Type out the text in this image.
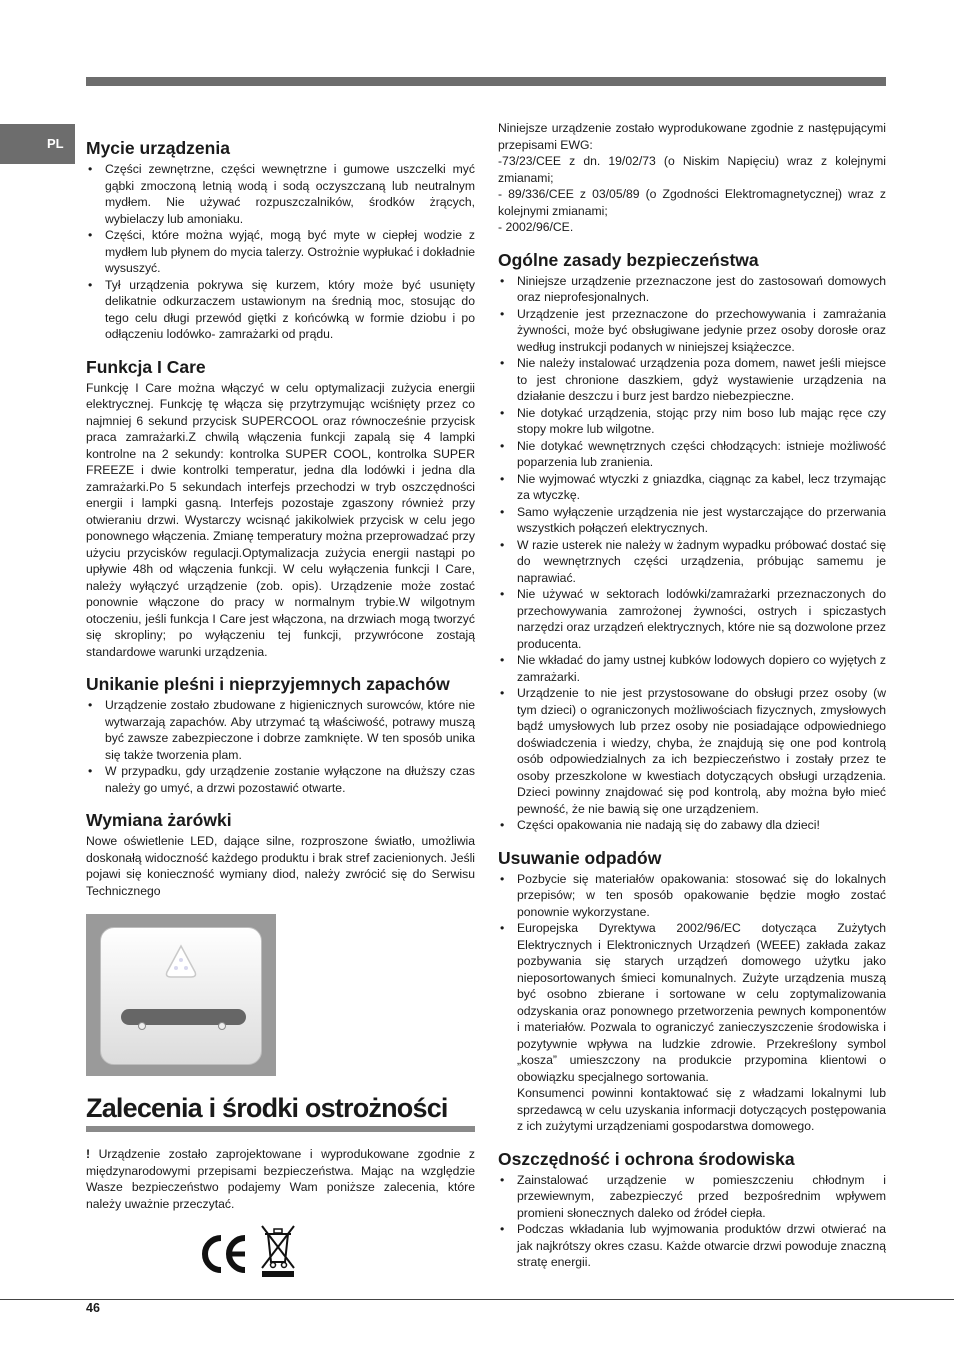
PL	Mycie urządzenia
• Części zewnętrzne, części wewnętrzne i gumowe uszczelki myć gąbki zmoczoną letnią wodą i sodą oczyszczaną lub neutralnym mydłem. Nie używać rozpuszczalników, środków żrących, wybielaczy lub amoniaku.
• Części, które można wyjąć, mogą być myte w ciepłej wodzie z mydłem lub płynem do mycia talerzy. Ostrożnie wypłukać i dokładnie wysuszyć.
• Tył urządzenia pokrywa się kurzem, który może być usunięty delikatnie odkurzaczem ustawionym na średnią moc, stosując do tego celu długi przewód giętki z końcówką w formie dziobu i po odłączeniu lodówko- zamrażarki od prądu.
Funkcja I Care

Funkcję I Care można włączyć w celu optymalizacji zużycia energii elektrycznej. Funkcję tę włącza się przytrzymując wciśnięty przez co najmniej 6 sekund przycisk SUPERCOOL oraz równocześnie przycisk praca zamrażarki.Z chwilą włączenia funkcji zapalą się 4 lampki kontrolne na 2 sekundy: kontrolka SUPER COOL, kontrolka SUPER FREEZE i dwie kontrolki temperatur, jedna dla lodówki i jedna dla zamrażarki.Po 5 sekundach interfejs przechodzi w tryb oszczędności energii i lampki gasną. Interfejs pozostaje zgaszony również przy otwieraniu drzwi. Wystarczy wcisnąć jakikolwiek przycisk w celu jego ponownego włączenia. Zmianę temperatury można przeprowadzać przy użyciu przycisków regulacji.Optymalizacja zużycia energii nastąpi po upływie 48h od włączenia funkcji. W celu wyłączenia funkcji I Care, należy wyłączyć urządzenie (zob. opis). Urządzenie może zostać ponownie włączone do pracy w normalnym trybie.W wilgotnym otoczeniu, jeśli funkcja I Care jest włączona, na drzwiach mogą tworzyć się skropliny; po wyłączeniu tej funkcji, przywrócone zostają standardowe warunki urządzenia.

Unikanie pleśni i nieprzyjemnych zapachów
• Urządzenie zostało zbudowane z higienicznych surowców, które nie wytwarzają zapachów. Aby utrzymać tą właściwość, potrawy muszą być zawsze zabezpieczone i dobrze zamknięte. W ten sposób unika się także tworzenia plam.
• W przypadku, gdy urządzenie zostanie wyłączone na dłuższy czas należy go umyć, a drzwi pozostawić otwarte.
Wymiana żarówki

Nowe oświetlenie LED, dające silne, rozproszone światło, umożliwia doskonałą widoczność każdego produktu i brak stref zacienionych. Jeśli pojawi się konieczność wymiany diod, należy zwrócić się do Serwisu Technicznego

Zalecenia i środki ostrożności

! Urządzenie zostało zaprojektowane i wyprodukowane zgodnie z międzynarodowymi przepisami bezpieczeństwa. Mając na względzie Wasze bezpieczeństwo podajemy Wam poniższe zalecenia, które należy uważnie przeczytać.

Niniejsze urządzenie zostało wyprodukowane zgodnie z następującymi przepisami EWG:

-73/23/CEE z dn. 19/02/73 (o Niskim Napięciu) wraz z kolejnymi zmianami;

- 89/336/CEE z 03/05/89 (o Zgodności Elektromagnetycznej) wraz z kolejnymi zmianami;

- 2002/96/CE.

Ogólne zasady bezpieczeństwa
• Niniejsze urządzenie przeznaczone jest do zastosowań domowych oraz nieprofesjonalnych.
• Urządzenie jest przeznaczone do przechowywania i zamrażania żywności, może być obsługiwane jedynie przez osoby dorosłe oraz według instrukcji podanych w niniejszej książeczce.
• Nie należy instalować urządzenia poza domem, nawet jeśli miejsce to jest chronione daszkiem, gdyż wystawienie urządzenia na działanie deszczu i burz jest bardzo niebezpieczne.
• Nie dotykać urządzenia, stojąc przy nim boso lub mając ręce czy stopy mokre lub wilgotne.
• Nie dotykać wewnętrznych części chłodzących: istnieje możliwość poparzenia lub zranienia.
• Nie wyjmować wtyczki z gniazdka, ciągnąc za kabel, lecz trzymając za wtyczkę.
• Samo wyłączenie urządzenia nie jest wystarczające do przerwania wszystkich połączeń elektrycznych.
• W razie usterek nie należy w żadnym wypadku próbować dostać się do wewnętrznych części urządzenia, próbując samemu je naprawiać.
• Nie używać w sektorach lodówki/zamrażarki przeznaczonych do przechowywania zamrożonej żywności, ostrych i spiczastych narzędzi oraz urządzeń elektrycznych, które nie są dozwolone przez producenta.
• Nie wkładać do jamy ustnej kubków lodowych dopiero co wyjętych z zamrażarki.
• Urządzenie to nie jest przystosowane do obsługi przez osoby (w tym dzieci) o ograniczonych możliwościach fizycznych, zmysłowych bądź umysłowych lub przez osoby nie posiadające odpowiedniego doświadczenia i wiedzy, chyba, że znajdują się one pod kontrolą osób odpowiedzialnych za ich bezpieczeństwo i zostały przez te osoby przeszkolone w kwestiach dotyczących obsługi urządzenia. Dzieci powinny znajdować się pod kontrolą, aby można było mieć pewność, że nie bawią się one urządzeniem.
• Części opakowania nie nadają się do zabawy dla dzieci!
Usuwanie odpadów
• Pozbycie się materiałów opakowania: stosować się do lokalnych przepisów; w ten sposób opakowanie będzie mogło zostać ponownie wykorzystane.
• Europejska Dyrektywa 2002/96/EC dotycząca Zużytych Elektrycznych i Elektronicznych Urządzeń (WEEE) zakłada zakaz pozbywania się starych urządzeń domowego użytku jako nieposortowanych śmieci komunalnych. Zużyte urządzenia muszą być osobno zbierane i sortowane w celu zoptymalizowania odzyskania oraz ponownego przetworzenia pewnych komponentów i materiałów. Pozwala to ograniczyć zanieczyszczenie środowiska i pozytywnie wpływa na ludzkie zdrowie. Przekreślony symbol „kosza” umieszczony na produkcie przypomina klientowi o obowiązku specjalnego sortowania.

Konsumenci powinni kontaktować się z władzami lokalnymi lub sprzedawcą w celu uzyskania informacji dotyczących postępowania z ich zużytymi urządzeniami gospodarstwa domowego.

Oszczędność i ochrona środowiska
• Zainstalować urządzenie w pomieszczeniu chłodnym i przewiewnym, zabezpieczyć przed bezpośrednim wpływem promieni słonecznych daleko od źródeł ciepła.
• Podczas wkładania lub wyjmowania produktów drzwi otwierać na jak najkrótszy okres czasu. Każde otwarcie drzwi powoduje znaczną stratę energii.
46
